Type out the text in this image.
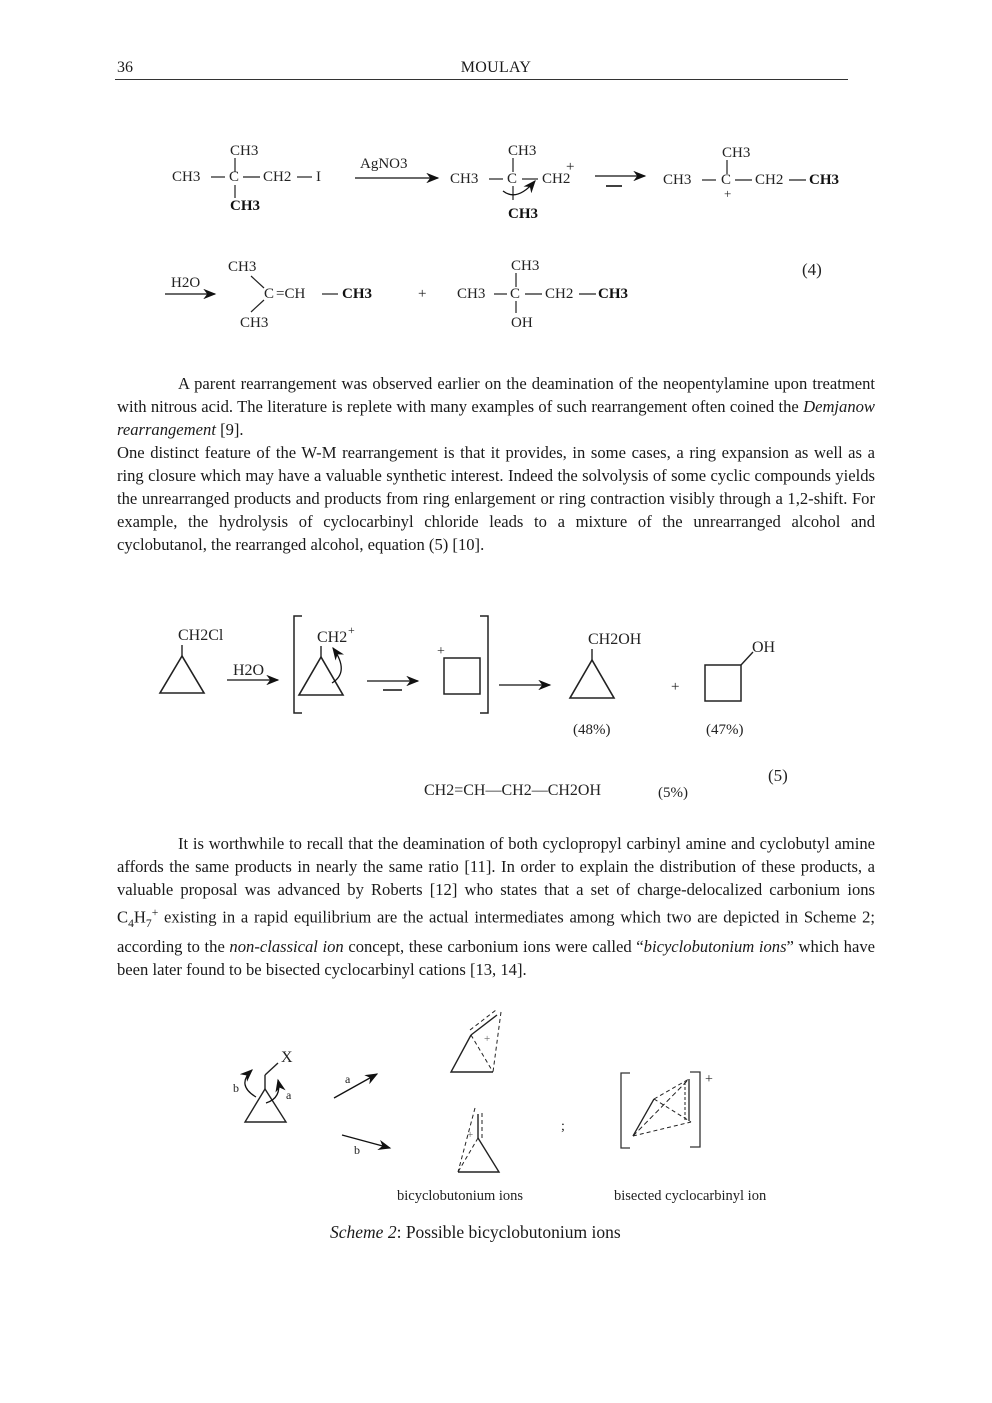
36	MOULAY
CH3
CH3 C CH2 I
CH3
AgNO3
CH3
CH3 C CH2
+
CH3
CH3
CH3 C
+
CH2 CH3
H2O
CH3
C =CH CH3
CH3
+
CH3
CH3 C CH2 CH3
OH
(4)

A parent rearrangement was observed earlier on the deamination of the neopentylamine upon treatment with nitrous acid. The literature is replete with many examples of such rearrangement often coined the Demjanow rearrangement [9].

One distinct feature of the W-M rearrangement is that it provides, in some cases, a ring expansion as well as a ring closure which may have a valuable synthetic interest. Indeed the solvolysis of some cyclic compounds yields the unrearranged products and products from ring enlargement or ring contraction visibly through a 1,2-shift. For example, the hydrolysis of cyclocarbinyl chloride leads to a mixture of the unrearranged alcohol and cyclobutanol, the rearranged alcohol, equation (5) [10].

CH2Cl
H2O
CH2 +
+
CH2OH
(48%)
+
OH
(47%)
CH2=CH—CH2—CH2OH	(5%)
(5)

It is worthwhile to recall that the deamination of both cyclopropyl carbinyl amine and cyclobutyl amine affords the same products in nearly the same ratio [11]. In order to explain the distribution of these products, a valuable proposal was advanced by Roberts [12] who states that a set of charge-delocalized carbonium ions $C_4H_7^+$ existing in a rapid equilibrium are the actual intermediates among which two are depicted in Scheme 2; according to the non-classical ion concept, these carbonium ions were called “bicyclobutonium ions” which have been later found to be bisected cyclocarbinyl cations [13, 14].

X
b	a
a
b
+
+
;
+
bicyclobutonium ions	bisected cyclocarbinyl ion
Scheme 2: Possible bicyclobutonium ions
